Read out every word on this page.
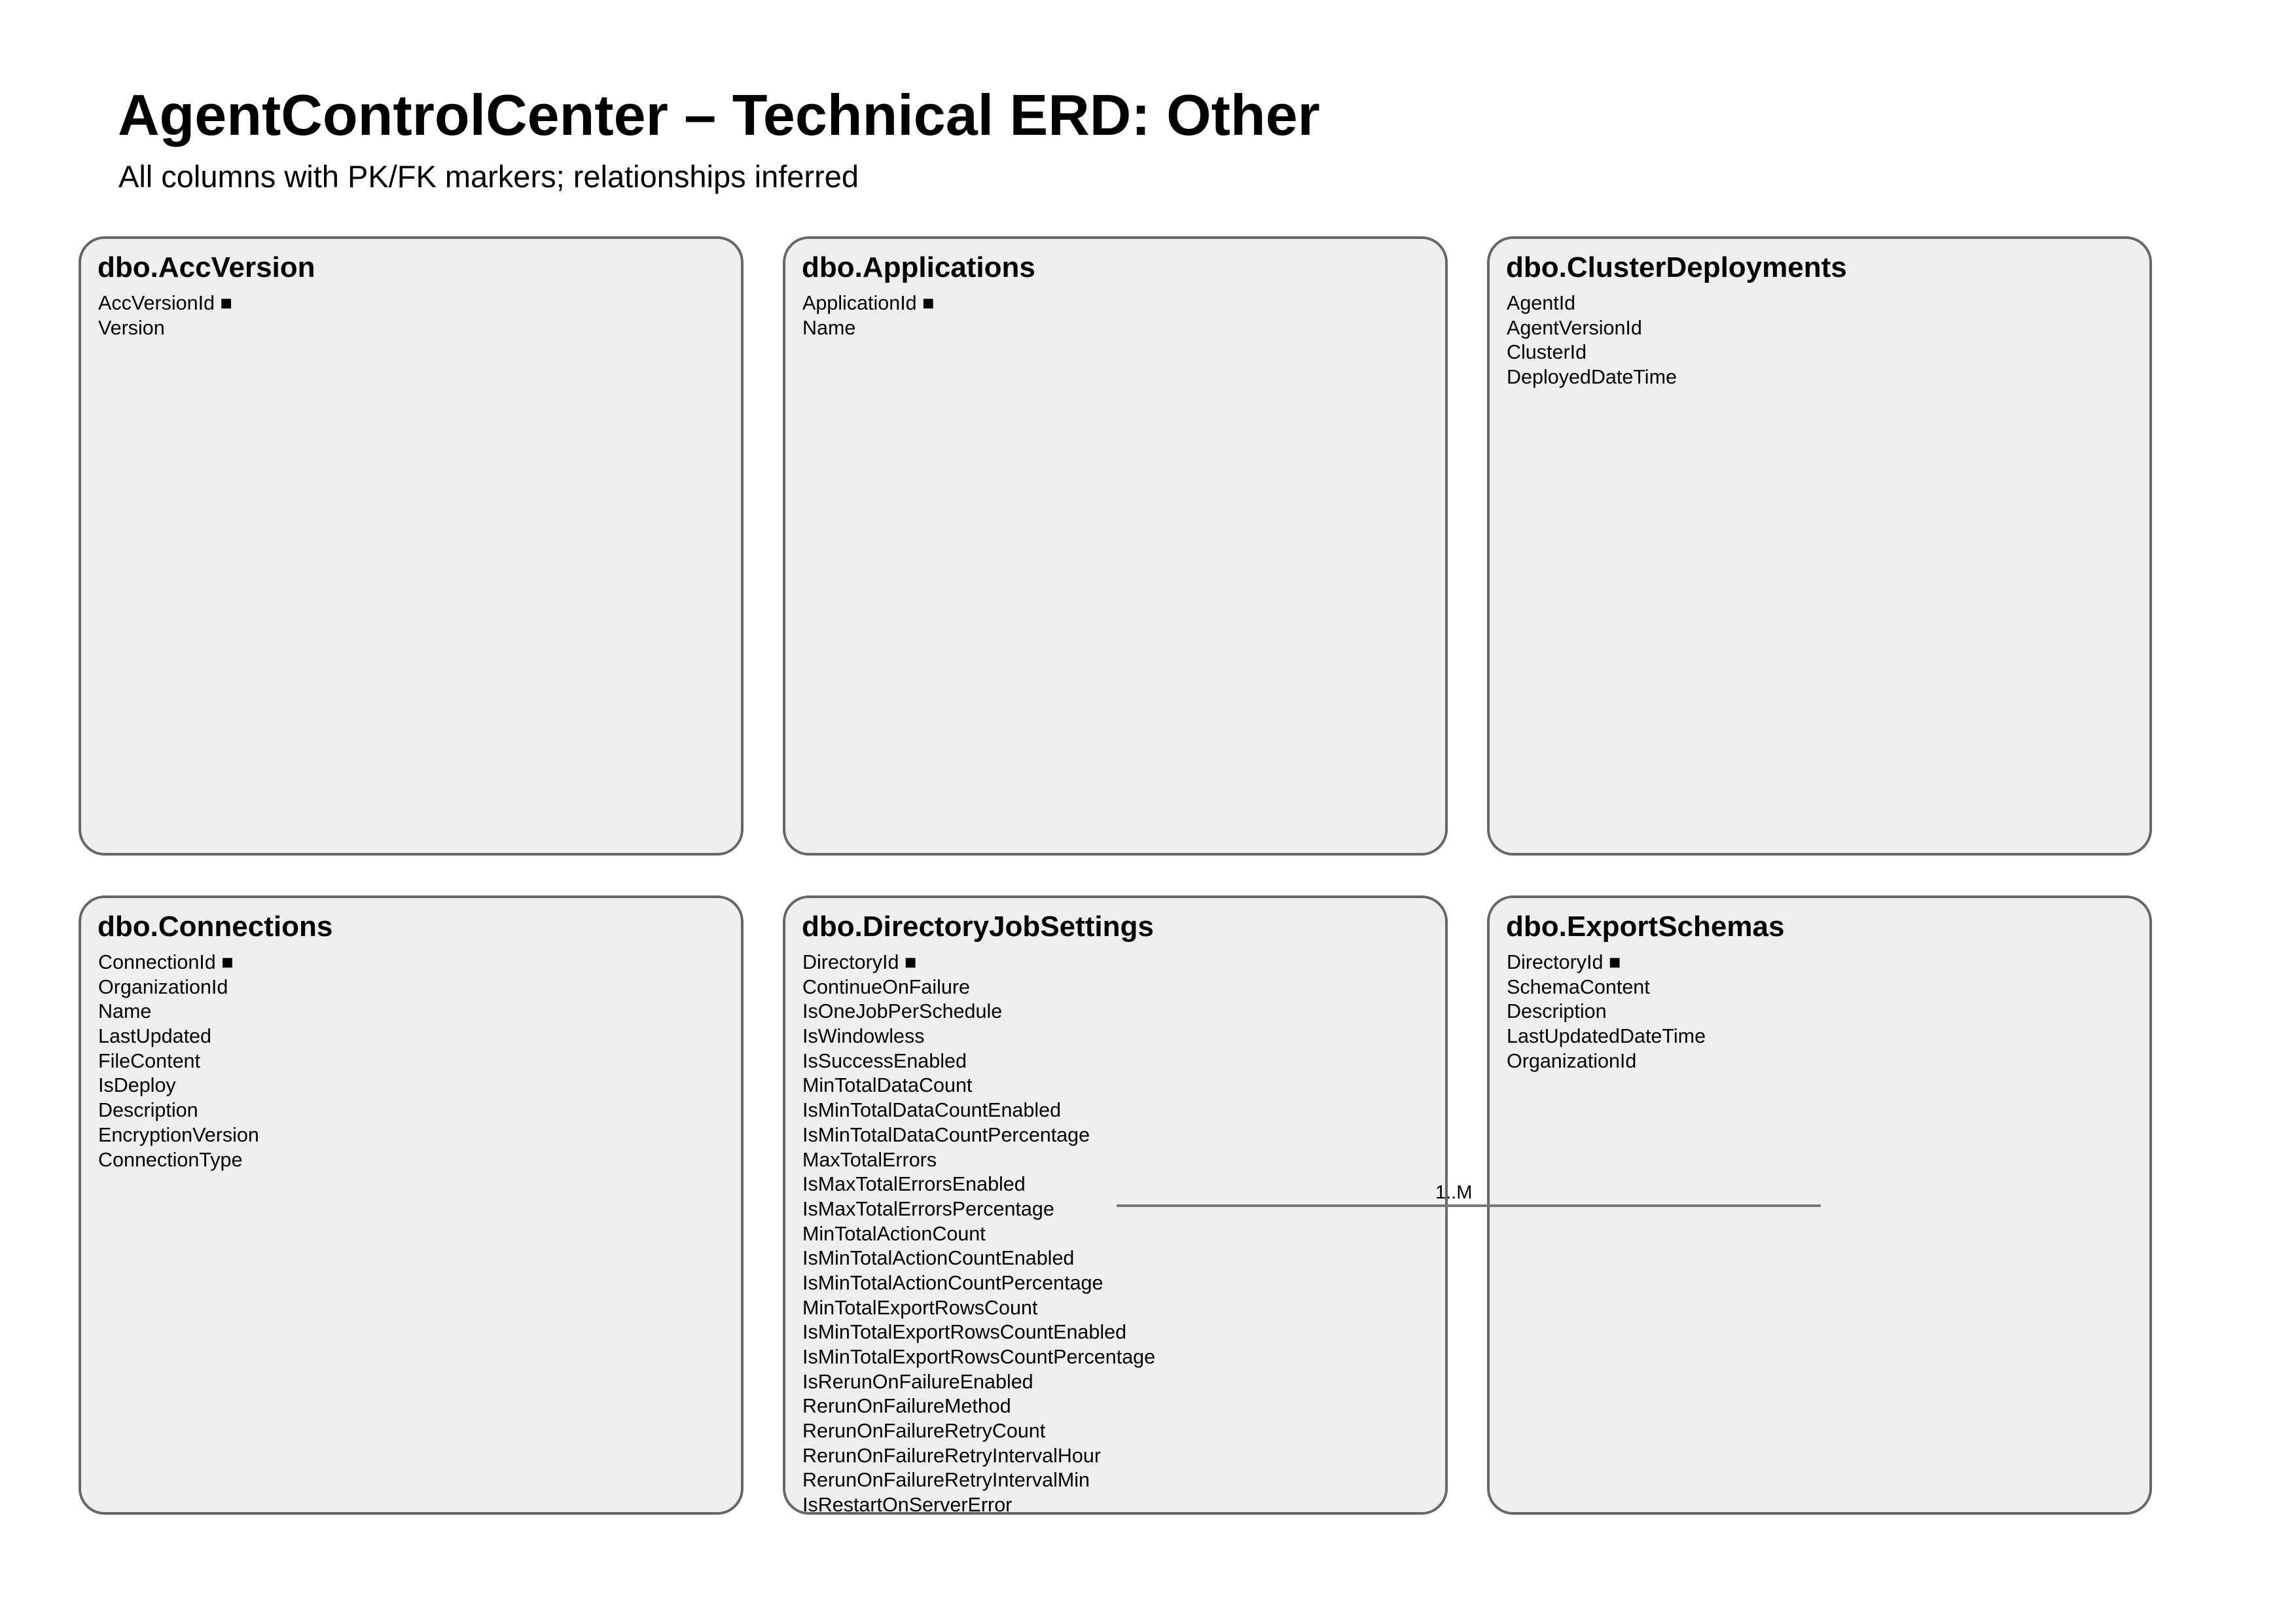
AgentControlCenter – Technical ERD: Other
All columns with PK/FK markers; relationships inferred
dbo.AccVersion
AccVersionId ■
Version
dbo.Applications
ApplicationId ■
Name
dbo.ClusterDeployments
AgentId
AgentVersionId
ClusterId
DeployedDateTime
dbo.Connections
ConnectionId ■
OrganizationId
Name
LastUpdated
FileContent
IsDeploy
Description
EncryptionVersion
ConnectionType
dbo.DirectoryJobSettings
DirectoryId ■
ContinueOnFailure
IsOneJobPerSchedule
IsWindowless
IsSuccessEnabled
MinTotalDataCount
IsMinTotalDataCountEnabled
IsMinTotalDataCountPercentage
MaxTotalErrors
IsMaxTotalErrorsEnabled
IsMaxTotalErrorsPercentage
MinTotalActionCount
IsMinTotalActionCountEnabled
IsMinTotalActionCountPercentage
MinTotalExportRowsCount
IsMinTotalExportRowsCountEnabled
IsMinTotalExportRowsCountPercentage
IsRerunOnFailureEnabled
RerunOnFailureMethod
RerunOnFailureRetryCount
RerunOnFailureRetryIntervalHour
RerunOnFailureRetryIntervalMin
IsRestartOnServerError
dbo.ExportSchemas
DirectoryId ■
SchemaContent
Description
LastUpdatedDateTime
OrganizationId
1..M
